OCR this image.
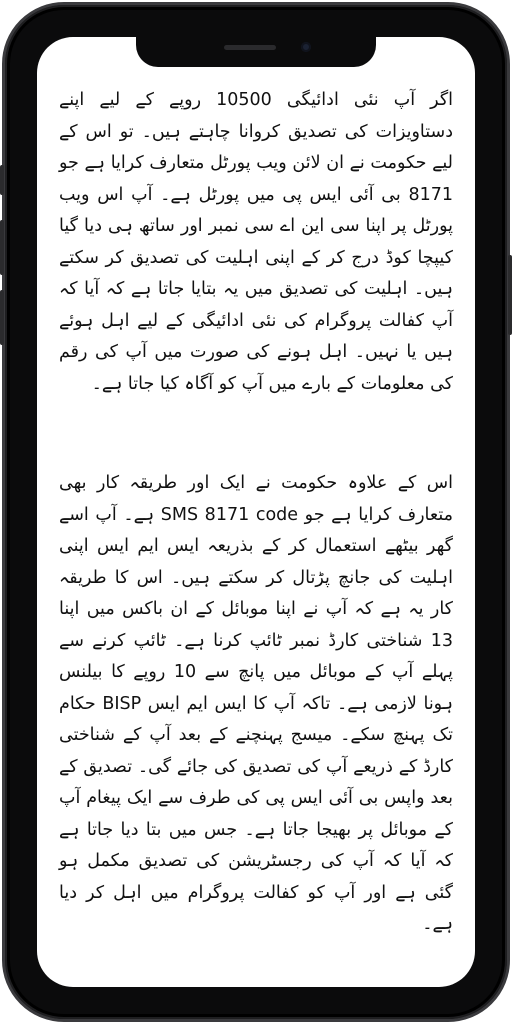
اگر آپ نئی ادائیگی 10500 روپے کے لیے اپنے دستاویزات کی تصدیق کروانا چاہتے ہیں۔ تو اس کے لیے حکومت نے ان لائن ویب پورٹل متعارف کرایا ہے جو 8171 بی آئی ایس پی میں پورٹل ہے۔ آپ اس ویب پورٹل پر اپنا سی این اے سی نمبر اور ساتھ ہی دیا گیا کیپچا کوڈ درج کر کے اپنی اہلیت کی تصدیق کر سکتے ہیں۔ اہلیت کی تصدیق میں یہ بتایا جاتا ہے کہ آیا کہ آپ کفالت پروگرام کی نئی ادائیگی کے لیے اہل ہوئے ہیں یا نہیں۔ اہل ہونے کی صورت میں آپ کی رقم کی معلومات کے بارے میں آپ کو آگاہ کیا جاتا ہے۔

اس کے علاوہ حکومت نے ایک اور طریقہ کار بھی متعارف کرایا ہے جو SMS 8171 code ہے۔ آپ اسے گھر بیٹھے استعمال کر کے بذریعہ ایس ایم ایس اپنی اہلیت کی جانچ پڑتال کر سکتے ہیں۔ اس کا طریقہ کار یہ ہے کہ آپ نے اپنا موبائل کے ان باکس میں اپنا 13 شناختی کارڈ نمبر ٹائپ کرنا ہے۔ ٹائپ کرنے سے پہلے آپ کے موبائل میں پانچ سے 10 روپے کا بیلنس ہونا لازمی ہے۔ تاکہ آپ کا ایس ایم ایس BISP حکام تک پہنچ سکے۔ میسج پہنچنے کے بعد آپ کے شناختی کارڈ کے ذریعے آپ کی تصدیق کی جائے گی۔ تصدیق کے بعد واپس بی آئی ایس پی کی طرف سے ایک پیغام آپ کے موبائل پر بھیجا جاتا ہے۔ جس میں بتا دیا جاتا ہے کہ آیا کہ آپ کی رجسٹریشن کی تصدیق مکمل ہو گئی ہے اور آپ کو کفالت پروگرام میں اہل کر دیا ہے۔
